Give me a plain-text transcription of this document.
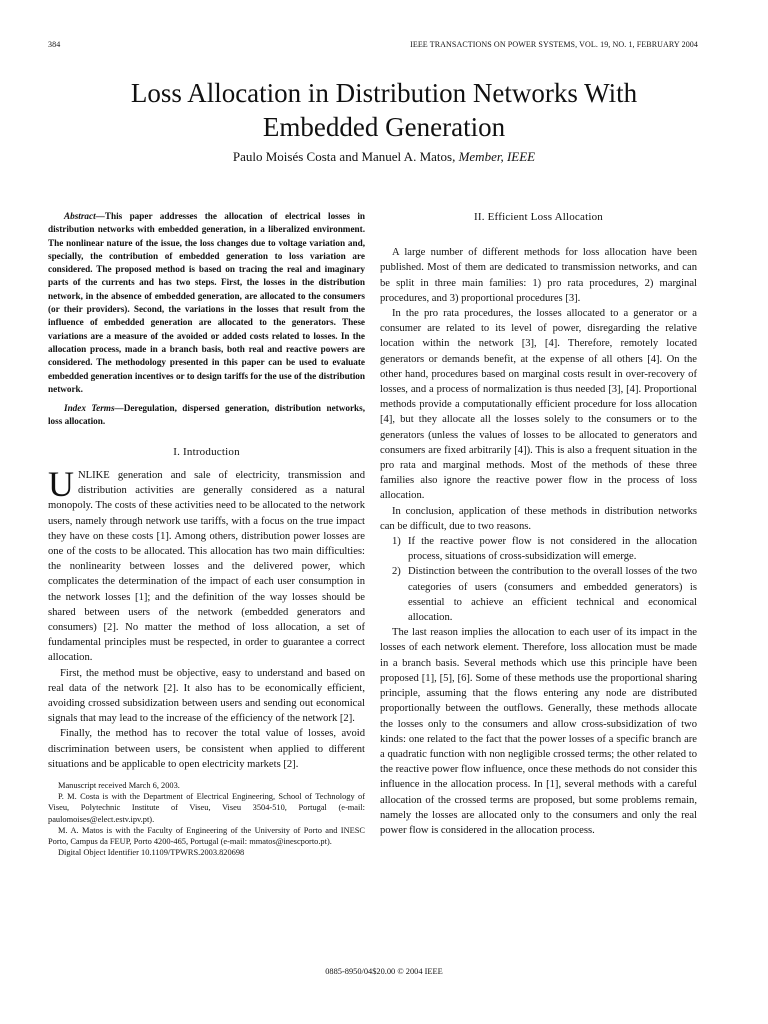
384	IEEE TRANSACTIONS ON POWER SYSTEMS, VOL. 19, NO. 1, FEBRUARY 2004
Loss Allocation in Distribution Networks With
Embedded Generation
Paulo Moisés Costa and Manuel A. Matos, Member, IEEE

Abstract—This paper addresses the allocation of electrical losses in distribution networks with embedded generation, in a liberalized environment. The nonlinear nature of the issue, the loss changes due to voltage variation and, specially, the contribution of embedded generation to loss variation are considered. The proposed method is based on tracing the real and imaginary parts of the currents and has two steps. First, the losses in the distribution network, in the absence of embedded generation, are allocated to the consumers (or their providers). Second, the variations in the losses that result from the influence of embedded generation are allocated to the generators. These variations are a measure of the avoided or added costs related to losses. In the allocation process, made in a branch basis, both real and reactive powers are considered. The methodology presented in this paper can be used to evaluate embedded generation incentives or to design tariffs for the use of the distribution network.

Index Terms—Deregulation, dispersed generation, distribution networks, loss allocation.

I. Introduction

UNLIKE generation and sale of electricity, transmission and distribution activities are generally considered as a natural monopoly. The costs of these activities need to be allocated to the network users, namely through network use tariffs, with a focus on the true impact they have on these costs [1]. Among others, distribution power losses are one of the costs to be allocated. This allocation has two main difficulties: the nonlinearity between losses and the delivered power, which complicates the determination of the impact of each user consumption in the network losses [1]; and the definition of the way losses should be shared between users of the network (embedded generators and consumers) [2]. No matter the method of loss allocation, a set of fundamental principles must be respected, in order to guarantee a correct allocation.

First, the method must be objective, easy to understand and based on real data of the network [2]. It also has to be economically efficient, avoiding crossed subsidization between users and sending out economical signals that may lead to the increase of the efficiency of the network [2].

Finally, the method has to recover the total value of losses, avoid discrimination between users, be consistent when applied to different situations and be applicable to open electricity markets [2].

Manuscript received March 6, 2003.

P. M. Costa is with the Department of Electrical Engineering, School of Technology of Viseu, Polytechnic Institute of Viseu, Viseu 3504-510, Portugal (e-mail: paulomoises@elect.estv.ipv.pt).

M. A. Matos is with the Faculty of Engineering of the University of Porto and INESC Porto, Campus da FEUP, Porto 4200-465, Portugal (e-mail: mmatos@inescporto.pt).

Digital Object Identifier 10.1109/TPWRS.2003.820698

II. Efficient Loss Allocation

A large number of different methods for loss allocation have been published. Most of them are dedicated to transmission networks, and can be split in three main families: 1) pro rata procedures, 2) marginal procedures, and 3) proportional procedures [3].

In the pro rata procedures, the losses allocated to a generator or a consumer are related to its level of power, disregarding the relative location within the network [3], [4]. Therefore, remotely located generators or demands benefit, at the expense of all others [4]. On the other hand, procedures based on marginal costs result in over-recovery of losses, and a process of normalization is thus needed [3], [4]. Proportional methods provide a computationally efficient procedure for loss allocation [4], but they allocate all the losses solely to the consumers or to the generators (unless the values of losses to be allocated to generators and consumers are fixed arbitrarily [4]). This is also a frequent situation in the pro rata and marginal methods. Most of the methods of these three families also ignore the reactive power flow in the process of loss allocation.

In conclusion, application of these methods in distribution networks can be difficult, due to two reasons.

1) If the reactive power flow is not considered in the allocation process, situations of cross-subsidization will emerge.
2) Distinction between the contribution to the overall losses of the two categories of users (consumers and embedded generators) is essential to achieve an efficient technical and economical allocation.

The last reason implies the allocation to each user of its impact in the losses of each network element. Therefore, loss allocation must be made in a branch basis. Several methods which use this principle have been proposed [1], [5], [6]. Some of these methods use the proportional sharing principle, assuming that the flows entering any node are distributed proportionally between the outflows. Generally, these methods allocate the losses only to the consumers and allow cross-subsidization of two kinds: one related to the fact that the power losses of a specific branch are a quadratic function with non negligible crossed terms; the other related to the reactive power flow influence, once these methods do not consider this influence in the allocation process. In [1], several methods with a careful allocation of the crossed terms are proposed, but some problems remain, namely the losses are allocated only to the consumers and only the real power flow is considered in the allocation process.

0885-8950/04$20.00 © 2004 IEEE
